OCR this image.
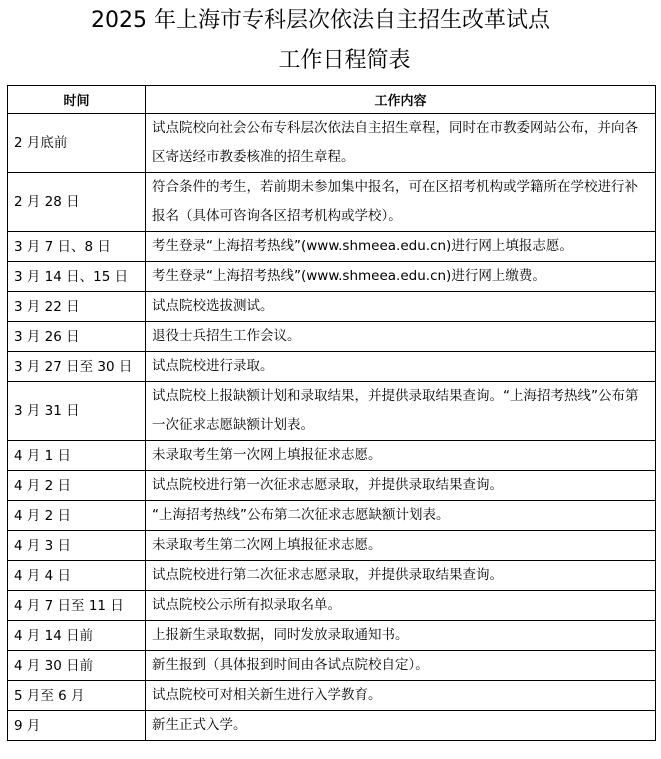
2025 年上海市专科层次依法自主招生改革试点
工作日程简表
时间	工作内容
2 月底前	试点院校向社会公布专科层次依法自主招生章程，同时在市教委网站公布，并向各区寄送经市教委核准的招生章程。
2 月 28 日	符合条件的考生，若前期未参加集中报名，可在区招考机构或学籍所在学校进行补报名（具体可咨询各区招考机构或学校）。
3 月 7 日、8 日	考生登录“上海招考热线”(www.shmeea.edu.cn)进行网上填报志愿。
3 月 14 日、15 日	考生登录“上海招考热线”(www.shmeea.edu.cn)进行网上缴费。
3 月 22 日	试点院校选拔测试。
3 月 26 日	退役士兵招生工作会议。
3 月 27 日至 30 日	试点院校进行录取。
3 月 31 日	试点院校上报缺额计划和录取结果，并提供录取结果查询。“上海招考热线”公布第一次征求志愿缺额计划表。
4 月 1 日	未录取考生第一次网上填报征求志愿。
4 月 2 日	试点院校进行第一次征求志愿录取，并提供录取结果查询。
4 月 2 日	“上海招考热线”公布第二次征求志愿缺额计划表。
4 月 3 日	未录取考生第二次网上填报征求志愿。
4 月 4 日	试点院校进行第二次征求志愿录取，并提供录取结果查询。
4 月 7 日至 11 日	试点院校公示所有拟录取名单。
4 月 14 日前	上报新生录取数据，同时发放录取通知书。
4 月 30 日前	新生报到（具体报到时间由各试点院校自定）。
5 月至 6 月	试点院校可对相关新生进行入学教育。
9 月	新生正式入学。
